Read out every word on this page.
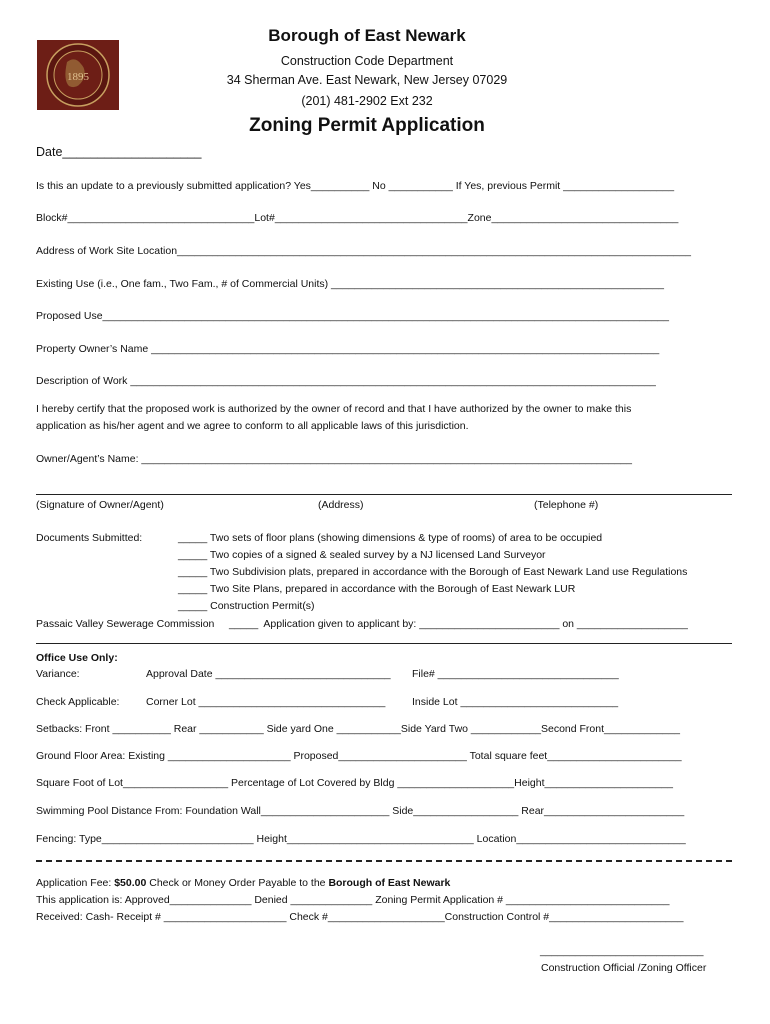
1895
Borough of East Newark
Construction Code Department
34 Sherman Ave. East Newark, New Jersey 07029
(201) 481-2902 Ext 232
Zoning Permit Application
Date____________________
Is this an update to a previously submitted application? Yes__________ No ___________ If Yes, previous Permit ___________________
Block#________________________________Lot#_________________________________Zone________________________________
Address of Work Site Location________________________________________________________________________________________
Existing Use (i.e., One fam., Two Fam., # of Commercial Units) _________________________________________________________
Proposed Use_________________________________________________________________________________________________
Property Owner’s Name _______________________________________________________________________________________
Description of Work __________________________________________________________________________________________
I hereby certify that the proposed work is authorized by the owner of record and that I have authorized by the owner to make this
application as his/her agent and we agree to conform to all applicable laws of this jurisdiction.
Owner/Agent’s Name: ____________________________________________________________________________________
(Signature of Owner/Agent)	(Address)	(Telephone #)
Documents Submitted:	_____ Two sets of floor plans (showing dimensions & type of rooms) of area to be occupied
_____ Two copies of a signed & sealed survey by a NJ licensed Land Surveyor
_____ Two Subdivision plats, prepared in accordance with the Borough of East Newark Land use Regulations
_____ Two Site Plans, prepared in accordance with the Borough of East Newark LUR
_____ Construction Permit(s)
Passaic Valley Sewerage Commission     _____  Application given to applicant by: ________________________ on ___________________
Office Use Only:
Variance:	Approval Date ______________________________ File# _______________________________
Check Applicable:	Corner Lot ________________________________	Inside Lot ___________________________
Setbacks: Front __________ Rear ___________ Side yard One ___________Side Yard Two ____________Second Front_____________
Ground Floor Area: Existing _____________________ Proposed______________________ Total square feet_______________________
Square Foot of Lot__________________ Percentage of Lot Covered by Bldg ____________________Height______________________
Swimming Pool Distance From: Foundation Wall______________________ Side__________________ Rear________________________
Fencing: Type__________________________ Height________________________________ Location_____________________________
Application Fee: $50.00 Check or Money Order Payable to the Borough of East Newark
This application is: Approved______________ Denied ______________ Zoning Permit Application # ____________________________
Received: Cash- Receipt # _____________________ Check #____________________Construction Control #_______________________
____________________________
Construction Official /Zoning Officer
